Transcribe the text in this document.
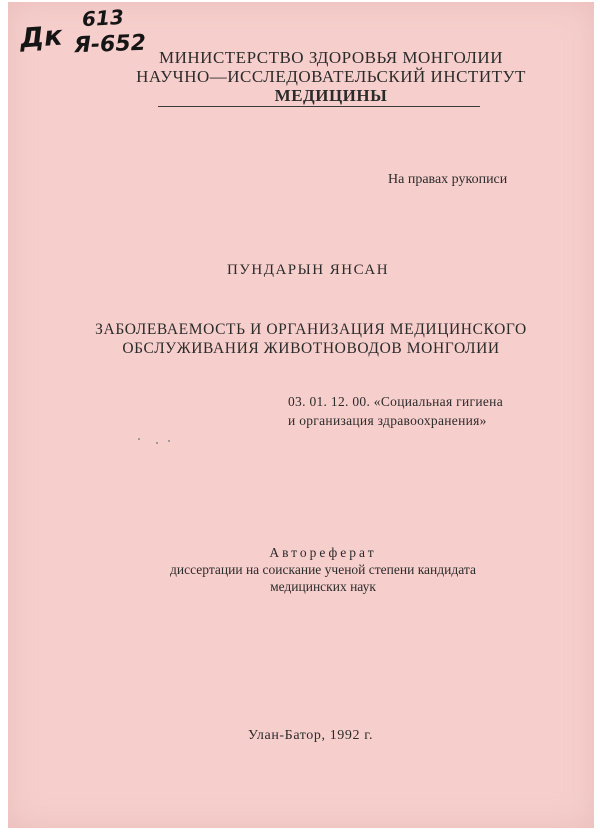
Дк
613
Я-652 МИНИСТЕРСТВО ЗДОРОВЬЯ МОНГОЛИИ
НАУЧНО—ИССЛЕДОВАТЕЛЬСКИЙ ИНСТИТУТ
МЕДИЦИНЫ
На правах рукописи
ПУНДАРЫН ЯНСАН
ЗАБОЛЕВАЕМОСТЬ И ОРГАНИЗАЦИЯ МЕДИЦИНСКОГО
ОБСЛУЖИВАНИЯ ЖИВОТНОВОДОВ МОНГОЛИИ
03. 01. 12. 00. «Социальная гигиена
и организация здравоохранения»
Автореферат
диссертации на соискание ученой степени кандидата
медицинских наук
Улан-Батор, 1992 г.
